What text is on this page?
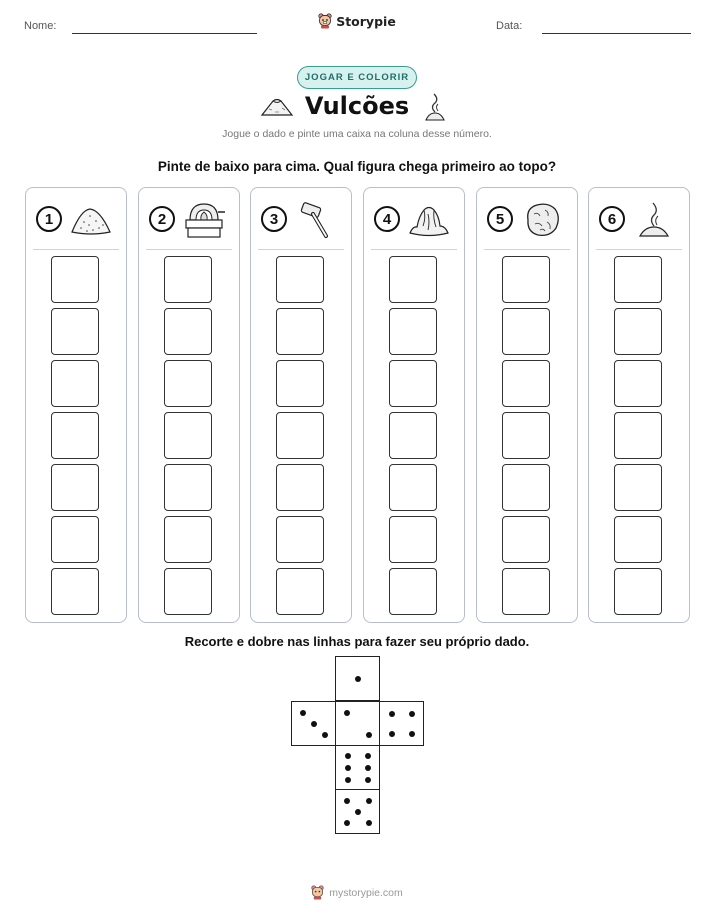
Nome:	Storypie	Data:
JOGAR E COLORIR
Vulcões
Jogue o dado e pinte uma caixa na coluna desse número.
Pinte de baixo para cima. Qual figura chega primeiro ao topo?
1	2	3	4	5	6
Recorte e dobre nas linhas para fazer seu próprio dado.
mystorypie.com
